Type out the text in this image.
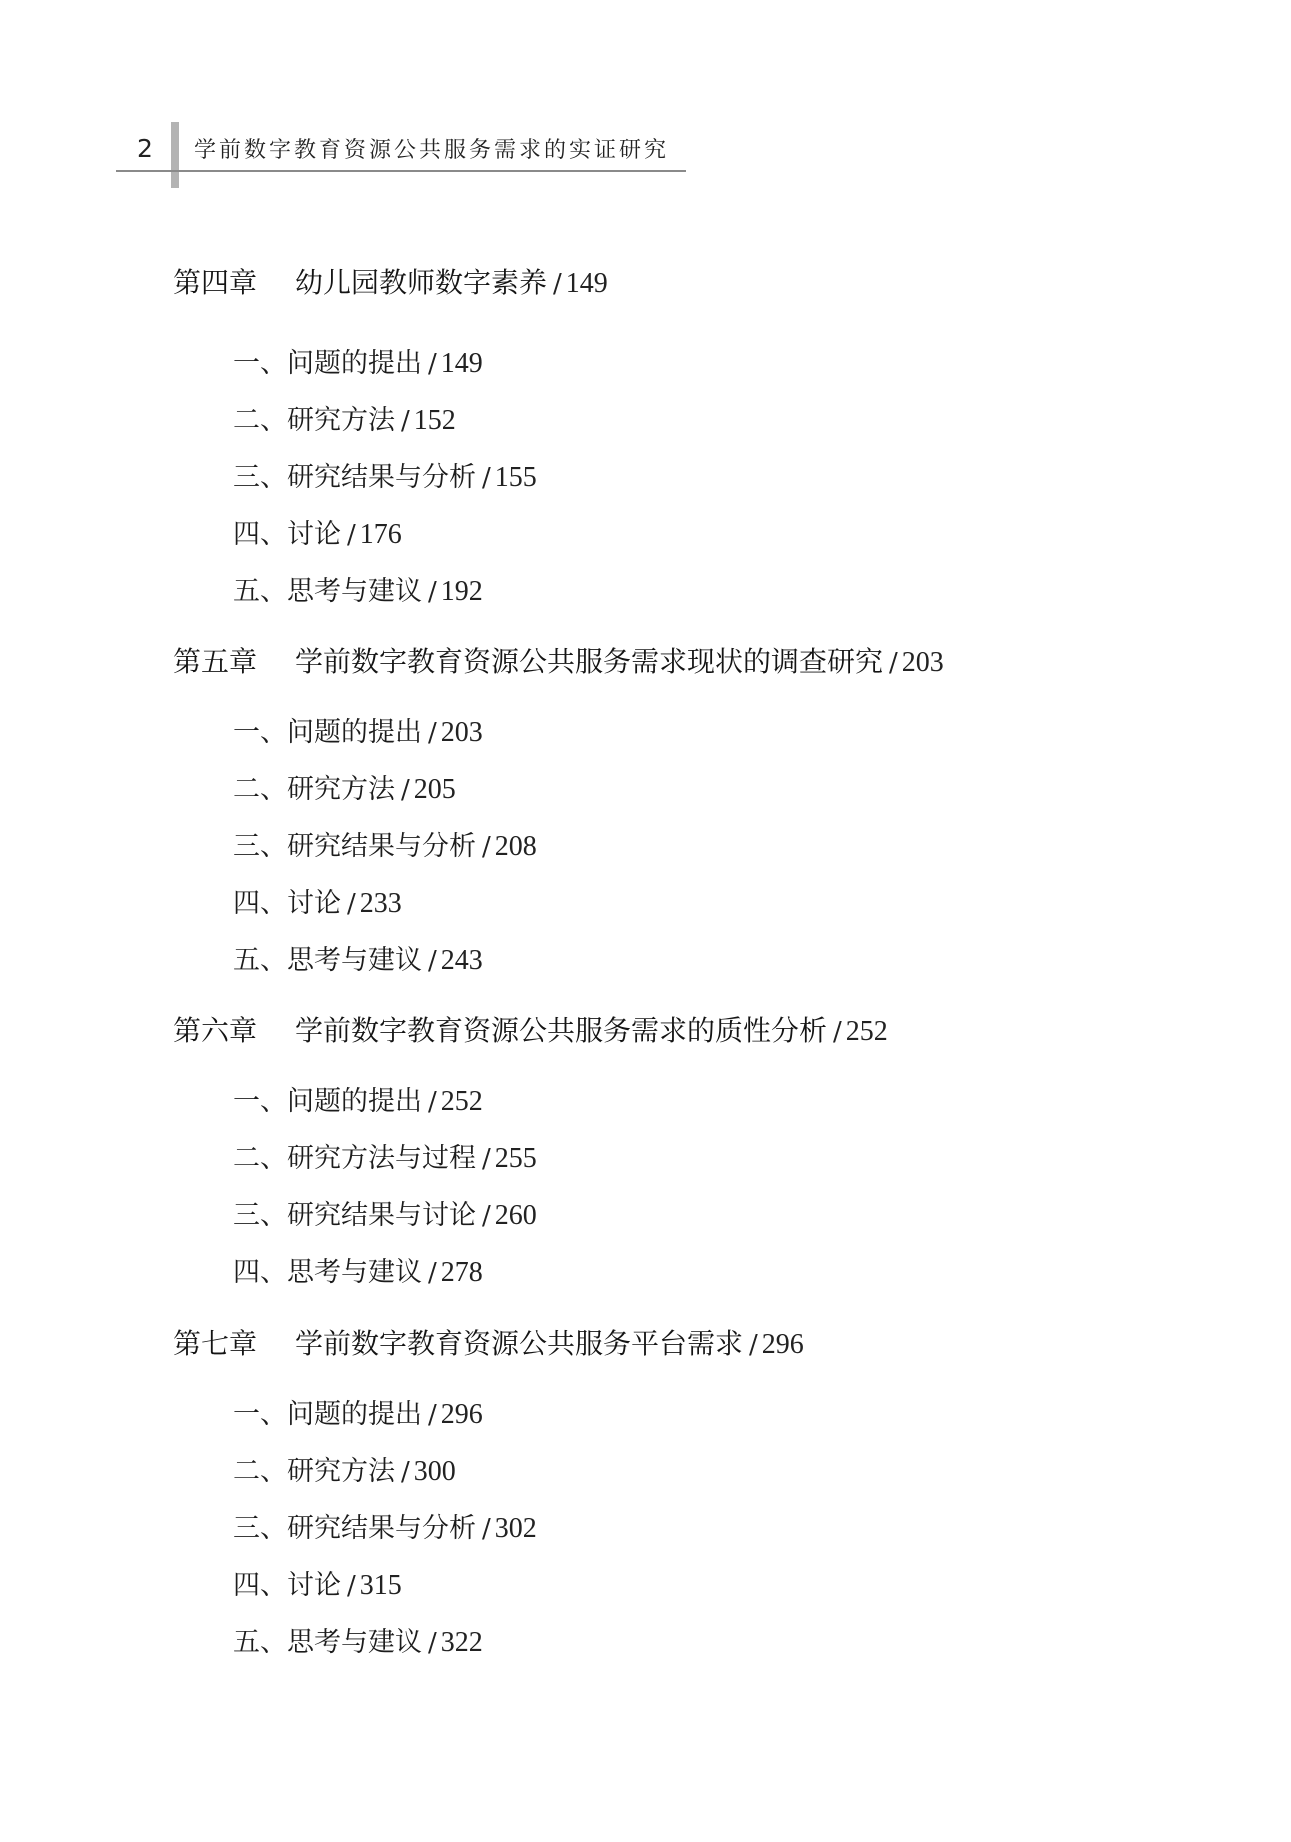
2 学前数字教育资源公共服务需求的实证研究
第四章 幼儿园教师数字素养 / 149
一、问题的提出 / 149
二、研究方法 / 152
三、研究结果与分析 / 155
四、讨论 / 176
五、思考与建议 / 192
第五章 学前数字教育资源公共服务需求现状的调查研究 / 203
一、问题的提出 / 203
二、研究方法 / 205
三、研究结果与分析 / 208
四、讨论 / 233
五、思考与建议 / 243
第六章 学前数字教育资源公共服务需求的质性分析 / 252
一、问题的提出 / 252
二、研究方法与过程 / 255
三、研究结果与讨论 / 260
四、思考与建议 / 278
第七章 学前数字教育资源公共服务平台需求 / 296
一、问题的提出 / 296
二、研究方法 / 300
三、研究结果与分析 / 302
四、讨论 / 315
五、思考与建议 / 322
